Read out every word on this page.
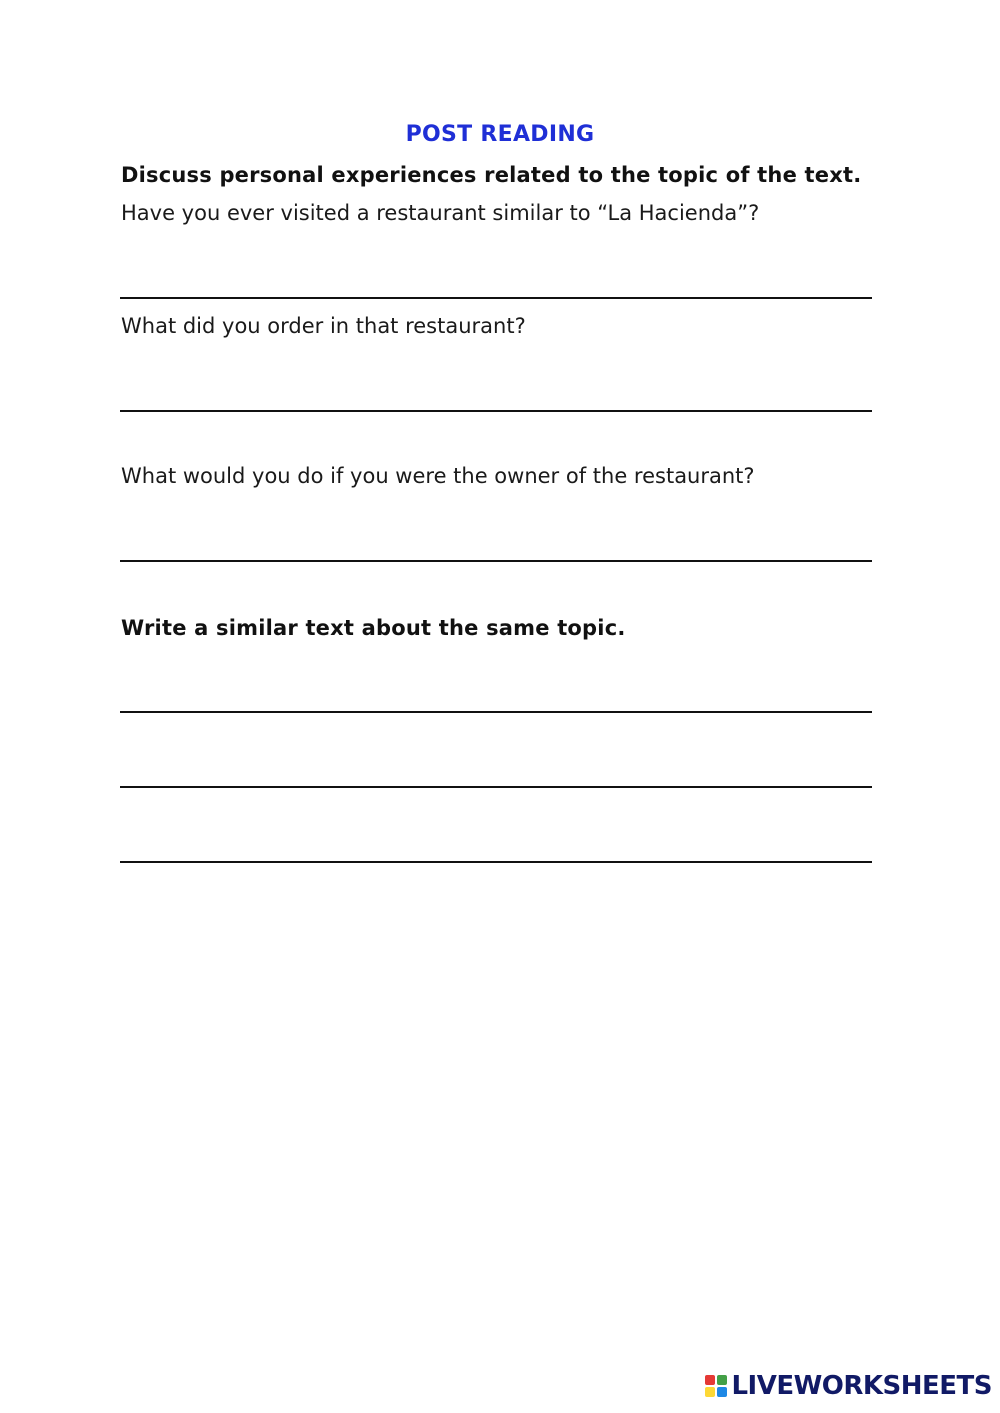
POST READING
Discuss personal experiences related to the topic of the text.
Have you ever visited a restaurant similar to “La Hacienda”?
What did you order in that restaurant?
What would you do if you were the owner of the restaurant?
Write a similar text about the same topic.
LIVEWORKSHEETS
